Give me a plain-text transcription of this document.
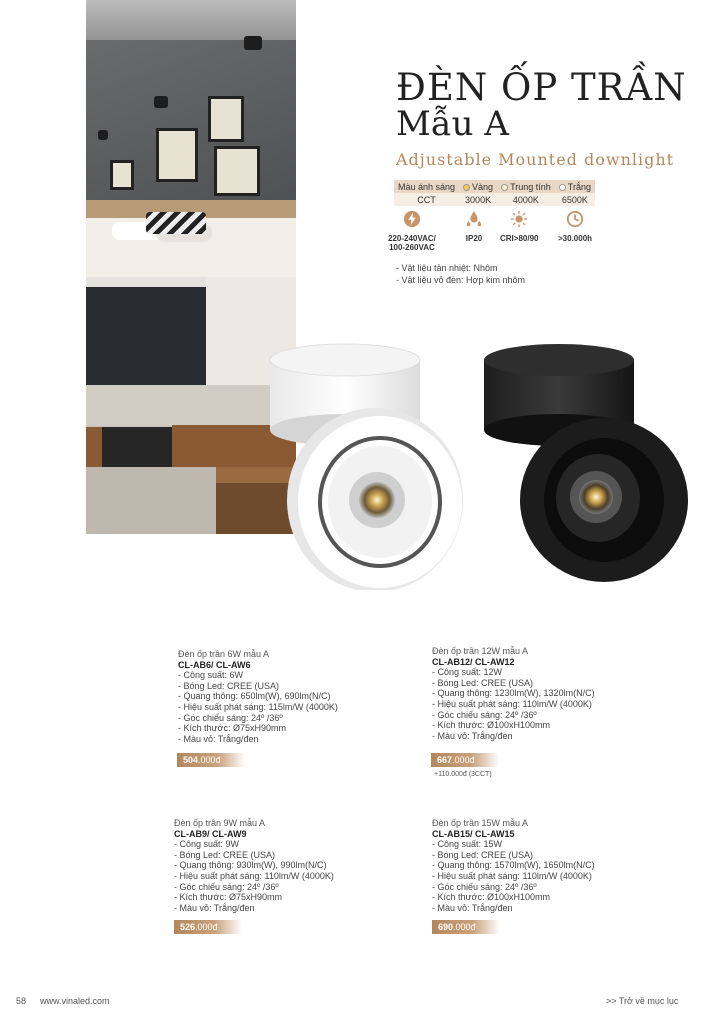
ĐÈN ỐP TRẦN
Mẫu A
Adjustable Mounted downlight
Màu ánh sáng	Vàng	Trung tính	Trắng
CCT	3000K	4000K	6500K
220-240VAC/
100-260VAC
IP20 CRI>80/90 >30.000h
- Vật liệu tản nhiệt: Nhôm
- Vật liệu vỏ đèn: Hợp kim nhôm
Đèn ốp trần 6W mẫu A
CL-AB6/ CL-AW6
- Công suất: 6W
- Bóng Led: CREE (USA)
- Quang thông: 650lm(W), 690lm(N/C)
- Hiệu suất phát sáng: 115lm/W (4000K)
- Góc chiếu sáng: 24º /36º
- Kích thước: Ø75xH90mm
- Màu vỏ: Trắng/đen
504.000đ
Đèn ốp trần 12W mẫu A
CL-AB12/ CL-AW12
- Công suất: 12W
- Bóng Led: CREE (USA)
- Quang thông: 1230lm(W), 1320lm(N/C)
- Hiệu suất phát sáng: 110lm/W (4000K)
- Góc chiếu sáng: 24º /36º
- Kích thước: Ø100xH100mm
- Màu vỏ: Trắng/đen
667.000đ
+110.000đ (3CCT)
Đèn ốp trần 9W mẫu A
CL-AB9/ CL-AW9
- Công suất: 9W
- Bóng Led: CREE (USA)
- Quang thông: 930lm(W), 990lm(N/C)
- Hiệu suất phát sáng: 110lm/W (4000K)
- Góc chiếu sáng: 24º /36º
- Kích thước: Ø75xH90mm
- Màu vỏ: Trắng/đen
526.000đ
Đèn ốp trần 15W mẫu A
CL-AB15/ CL-AW15
- Công suất: 15W
- Bóng Led: CREE (USA)
- Quang thông: 1570lm(W), 1650lm(N/C)
- Hiệu suất phát sáng: 110lm/W (4000K)
- Góc chiếu sáng: 24º /36º
- Kích thước: Ø100xH100mm
- Màu vỏ: Trắng/đen
690.000đ
58 www.vinaled.com	>> Trở về mục lục
